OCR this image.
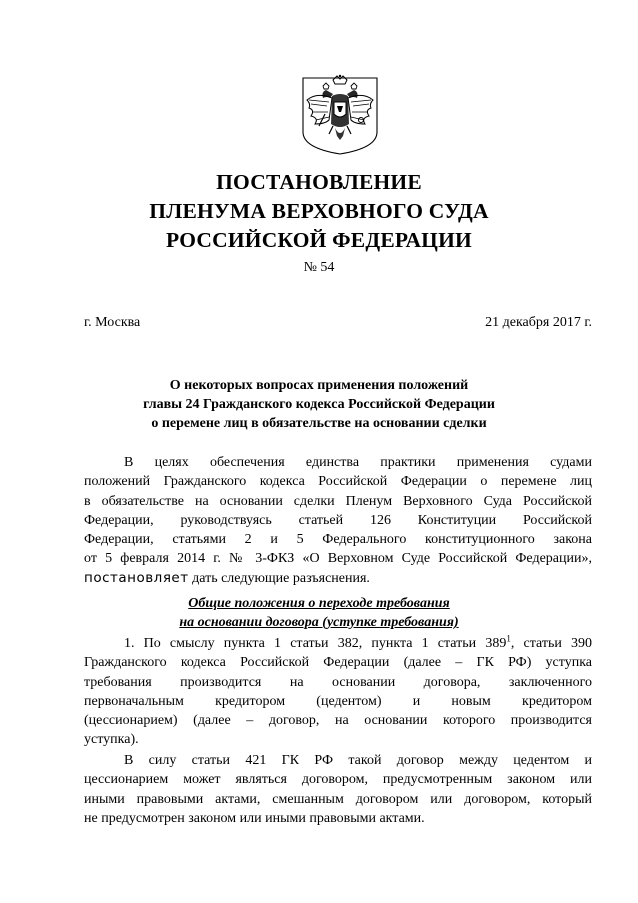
ПОСТАНОВЛЕНИЕ
ПЛЕНУМА ВЕРХОВНОГО СУДА
РОССИЙСКОЙ ФЕДЕРАЦИИ
№ 54
г. Москва	21 декабря 2017 г.
О некоторых вопросах применения положений
главы 24 Гражданского кодекса Российской Федерации
о перемене лиц в обязательстве на основании сделки
В целях обеспечения единства практики применения судами
положений Гражданского кодекса Российской Федерации о перемене лиц
в обязательстве на основании сделки Пленум Верховного Суда Российской
Федерации, руководствуясь статьей 126 Конституции Российской
Федерации, статьями 2 и 5 Федерального конституционного закона
от 5 февраля 2014 г. № 3-ФКЗ «О Верховном Суде Российской Федерации»,
постановляет дать следующие разъяснения.
Общие положения о переходе требования
на основании договора (уступке требования)
1. По смыслу пункта 1 статьи 382, пункта 1 статьи $389^1$, статьи 390
Гражданского кодекса Российской Федерации (далее – ГК РФ) уступка
требования производится на основании договора, заключенного
первоначальным кредитором (цедентом) и новым кредитором
(цессионарием) (далее – договор, на основании которого производится
уступка).
В силу статьи 421 ГК РФ такой договор между цедентом и
цессионарием может являться договором, предусмотренным законом или
иными правовыми актами, смешанным договором или договором, который
не предусмотрен законом или иными правовыми актами.
